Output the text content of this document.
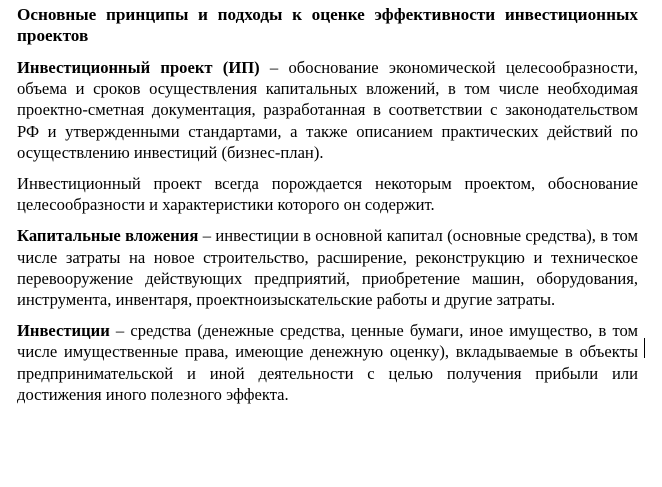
Основные принципы и подходы к оценке эффективности инвестиционных проектов

Инвестиционный проект (ИП) – обоснование экономической целесообразности, объема и сроков осуществления капитальных вложений, в том числе необходимая проектно-сметная документация, разработанная в соответствии с законодательством РФ и утвержденными стандартами, а также описанием практических действий по осуществлению инвестиций (бизнес-план).

Инвестиционный проект всегда порождается некоторым проектом, обоснование целесообразности и характеристики которого он содержит.

Капитальные вложения – инвестиции в основной капитал (основные средства), в том числе затраты на новое строительство, расширение, реконструкцию и техническое перевооружение действующих предприятий, приобретение машин, оборудования, инструмента, инвентаря, проектноизыскательские работы и другие затраты.

Инвестиции – средства (денежные средства, ценные бумаги, иное имущество, в том числе имущественные права, имеющие денежную оценку), вкладываемые в объекты предпринимательской и иной деятельности с целью получения прибыли или достижения иного полезного эффекта.
